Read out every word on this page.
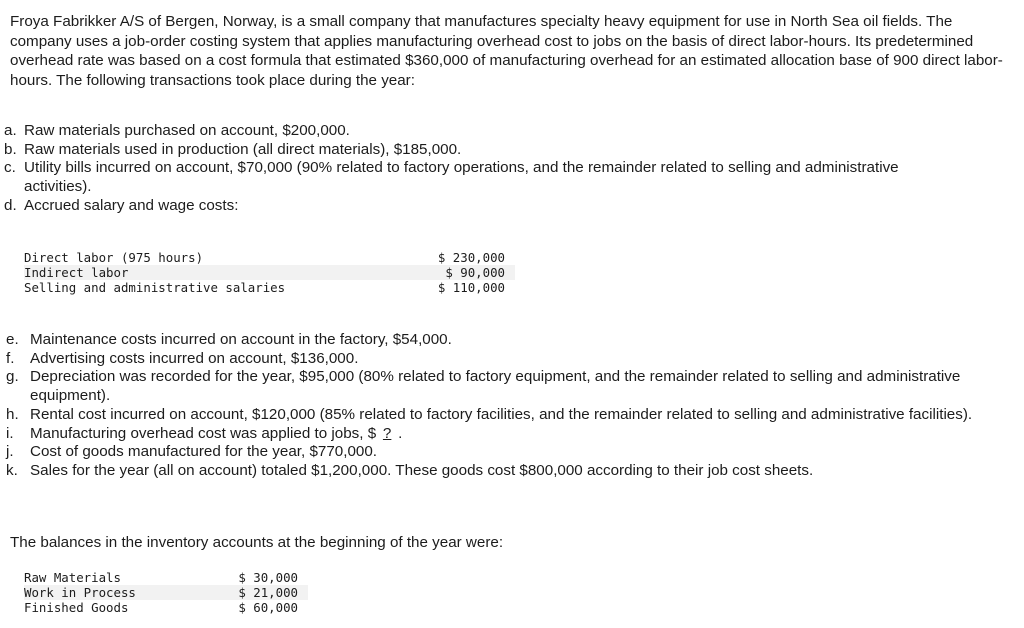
Froya Fabrikker A/S of Bergen, Norway, is a small company that manufactures specialty heavy equipment for use in North Sea oil fields. The company uses a job-order costing system that applies manufacturing overhead cost to jobs on the basis of direct labor-hours. Its predetermined overhead rate was based on a cost formula that estimated $360,000 of manufacturing overhead for an estimated allocation base of 900 direct labor-hours. The following transactions took place during the year:
a. Raw materials purchased on account, $200,000.
b. Raw materials used in production (all direct materials), $185,000.
c. Utility bills incurred on account, $70,000 (90% related to factory operations, and the remainder related to selling and administrative activities).
d. Accrued salary and wage costs:
Direct labor (975 hours)	$ 230,000
Indirect labor	$ 90,000
Selling and administrative salaries	$ 110,000
e. Maintenance costs incurred on account in the factory, $54,000.
f. Advertising costs incurred on account, $136,000.
g. Depreciation was recorded for the year, $95,000 (80% related to factory equipment, and the remainder related to selling and administrative equipment).
h. Rental cost incurred on account, $120,000 (85% related to factory facilities, and the remainder related to selling and administrative facilities).
i. Manufacturing overhead cost was applied to jobs, $ ? .
j. Cost of goods manufactured for the year, $770,000.
k. Sales for the year (all on account) totaled $1,200,000. These goods cost $800,000 according to their job cost sheets.
The balances in the inventory accounts at the beginning of the year were:
Raw Materials	$ 30,000
Work in Process	$ 21,000
Finished Goods	$ 60,000
